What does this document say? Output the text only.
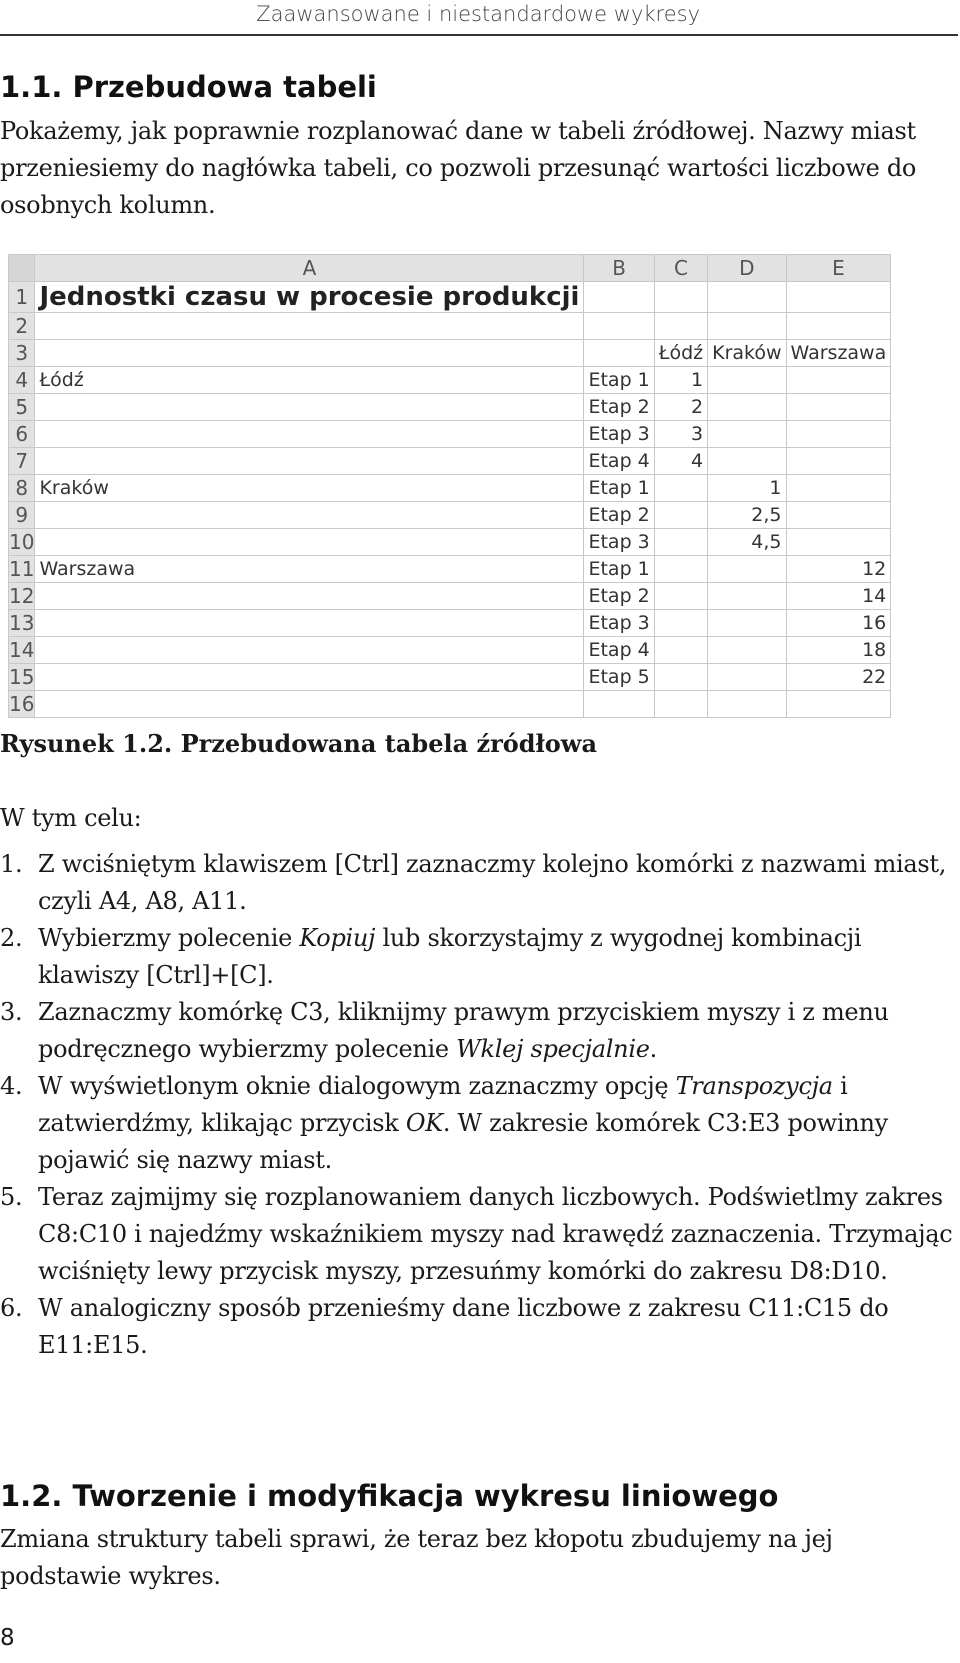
Zaawansowane i niestandardowe wykresy
1.1. Przebudowa tabeli

Pokażemy, jak poprawnie rozplanować dane w tabeli źródłowej. Nazwy miast przeniesiemy do nagłówka tabeli, co pozwoli przesunąć wartości liczbowe do osobnych kolumn.

	A	B	C	D	E
1	Jednostki czasu w procesie produkcji				
2					
3			Łódź	Kraków	Warszawa
4	Łódź	Etap 1	1		
5		Etap 2	2		
6		Etap 3	3		
7		Etap 4	4		
8	Kraków	Etap 1		1	
9		Etap 2		2,5	
10		Etap 3		4,5	
11	Warszawa	Etap 1			12
12		Etap 2			14
13		Etap 3			16
14		Etap 4			18
15		Etap 5			22
16					

Rysunek 1.2. Przebudowana tabela źródłowa

W tym celu:

1. Z wciśniętym klawiszem [Ctrl] zaznaczmy kolejno komórki z nazwami miast, czyli A4, A8, A11.
2. Wybierzmy polecenie Kopiuj lub skorzystajmy z wygodnej kombinacji klawiszy [Ctrl]+[C].
3. Zaznaczmy komórkę C3, kliknijmy prawym przyciskiem myszy i z menu podręcznego wybierzmy polecenie Wklej specjalnie.
4. W wyświetlonym oknie dialogowym zaznaczmy opcję Transpozycja i zatwierdźmy, klikając przycisk OK. W zakresie komórek C3:E3 powinny pojawić się nazwy miast.
5. Teraz zajmijmy się rozplanowaniem danych liczbowych. Podświetlmy zakres C8:C10 i najedźmy wskaźnikiem myszy nad krawędź zaznaczenia. Trzymając wciśnięty lewy przycisk myszy, przesuńmy komórki do zakresu D8:D10.
6. W analogiczny sposób przenieśmy dane liczbowe z zakresu C11:C15 do E11:E15.
1.2. Tworzenie i modyfikacja wykresu liniowego

Zmiana struktury tabeli sprawi, że teraz bez kłopotu zbudujemy na jej podstawie wykres.

8
